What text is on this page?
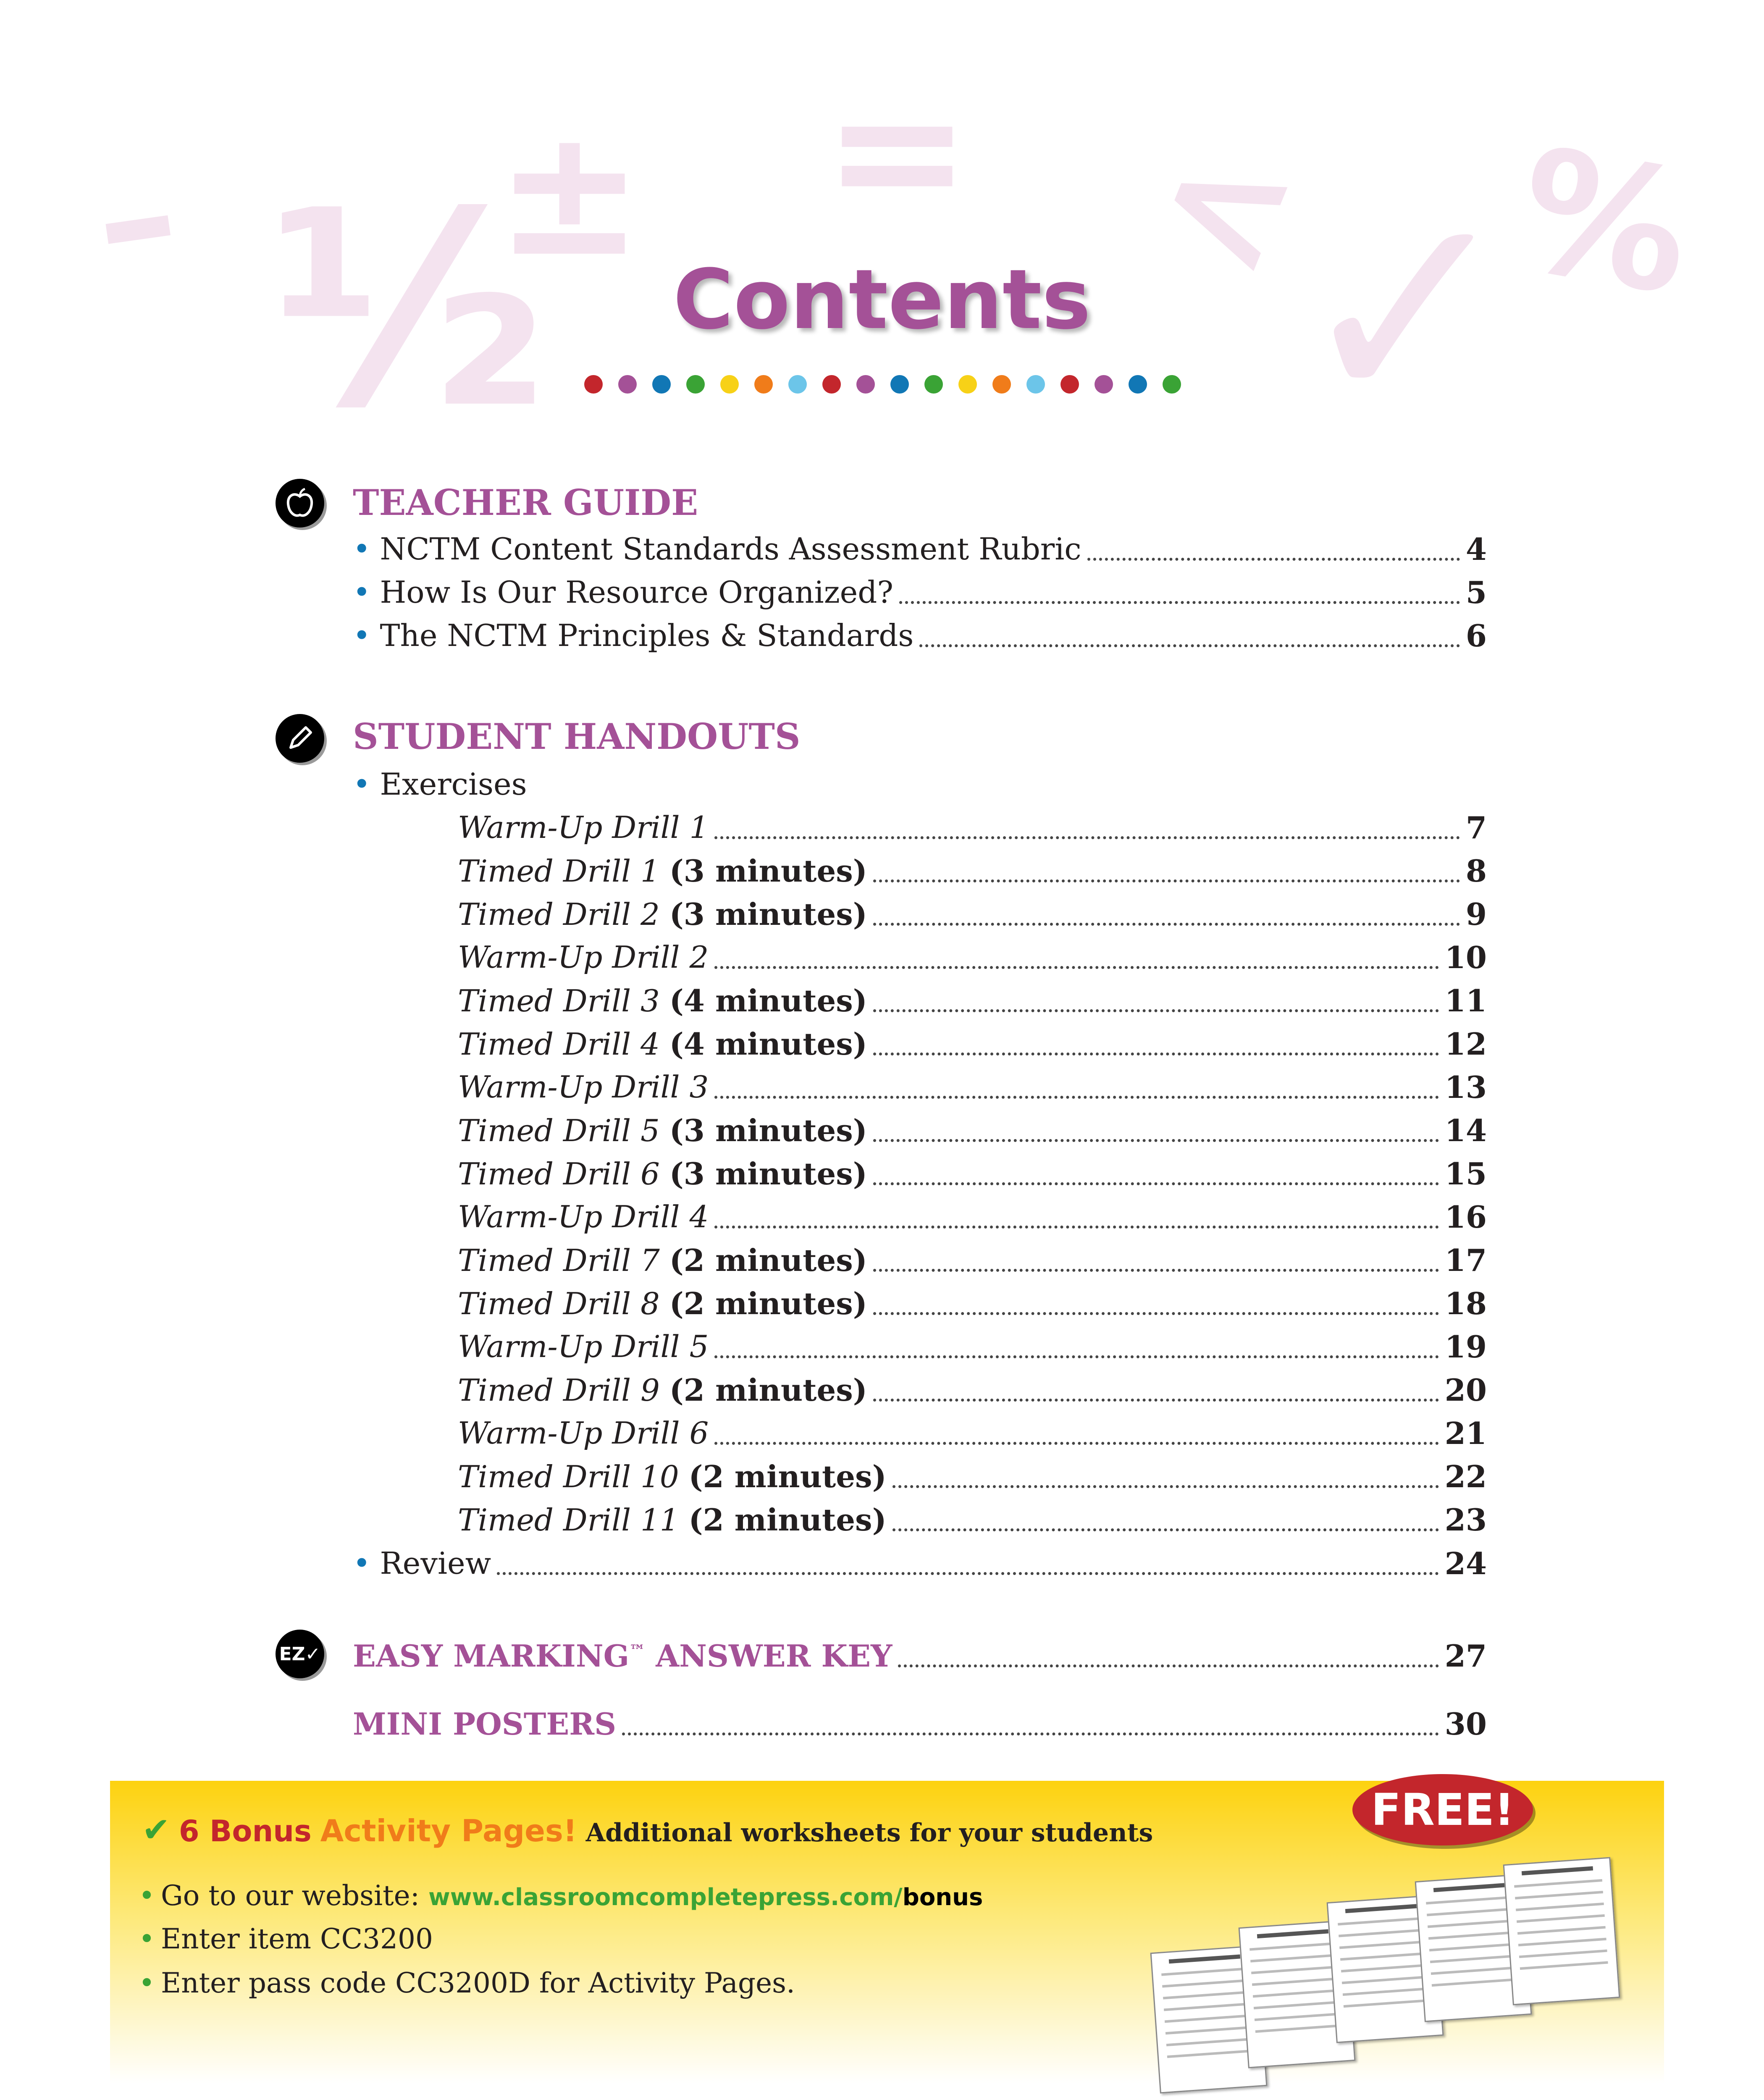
– ½
± = <
✓
%
Contents
TEACHER GUIDE
• NCTM Content Standards Assessment Rubric	4
• How Is Our Resource Organized?	5
• The NCTM Principles & Standards	6
STUDENT HANDOUTS
• Exercises
Warm-Up Drill 1	7
Timed Drill 1 (3 minutes)	8
Timed Drill 2 (3 minutes)	9
Warm-Up Drill 2	10
Timed Drill 3 (4 minutes)	11
Timed Drill 4 (4 minutes)	12
Warm-Up Drill 3	13
Timed Drill 5 (3 minutes)	14
Timed Drill 6 (3 minutes)	15
Warm-Up Drill 4	16
Timed Drill 7 (2 minutes)	17
Timed Drill 8 (2 minutes)	18
Warm-Up Drill 5	19
Timed Drill 9 (2 minutes)	20
Warm-Up Drill 6	21
Timed Drill 10 (2 minutes)	22
Timed Drill 11 (2 minutes)	23
• Review	24
EZ✓ EASY MARKING™ ANSWER KEY	27
MINI POSTERS	30
FREE!
✔ 6 Bonus Activity Pages! Additional worksheets for your students
• Go to our website: www.classroomcompletepress.com/bonus
• Enter item CC3200
• Enter pass code CC3200D for Activity Pages.
